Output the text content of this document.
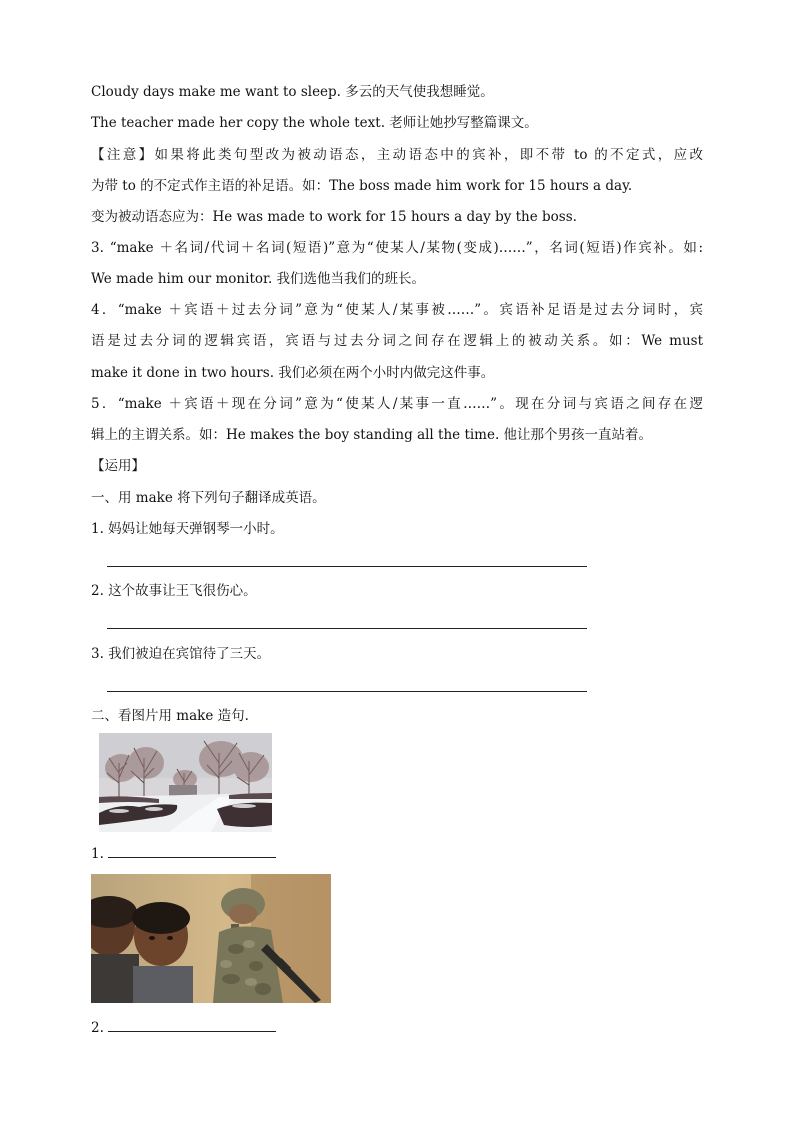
Cloudy days make me want to sleep. 多云的天气使我想睡觉。
The teacher made her copy the whole text. 老师让她抄写整篇课文。
【注意】如果将此类句型改为被动语态，主动语态中的宾补，即不带 to 的不定式，应改
为带 to 的不定式作主语的补足语。如：The boss made him work for 15 hours a day.
变为被动语态应为：He was made to work for 15 hours a day by the boss.
3. “make ＋名词/代词＋名词(短语)”意为“使某人/某物(变成)……”，名词(短语)作宾补。如:
We made him our monitor. 我们选他当我们的班长。
4．“make ＋宾语＋过去分词”意为“使某人/某事被……”。宾语补足语是过去分词时，宾
语是过去分词的逻辑宾语，宾语与过去分词之间存在逻辑上的被动关系。如：We must
make it done in two hours. 我们必须在两个小时内做完这件事。
5．“make ＋宾语＋现在分词”意为“使某人/某事一直……”。现在分词与宾语之间存在逻
辑上的主谓关系。如：He makes the boy standing all the time. 他让那个男孩一直站着。
【运用】
一、用 make 将下列句子翻译成英语。
1. 妈妈让她每天弹钢琴一小时。
2. 这个故事让王飞很伤心。
3. 我们被迫在宾馆待了三天。
二、看图片用 make 造句.
1.
2.
